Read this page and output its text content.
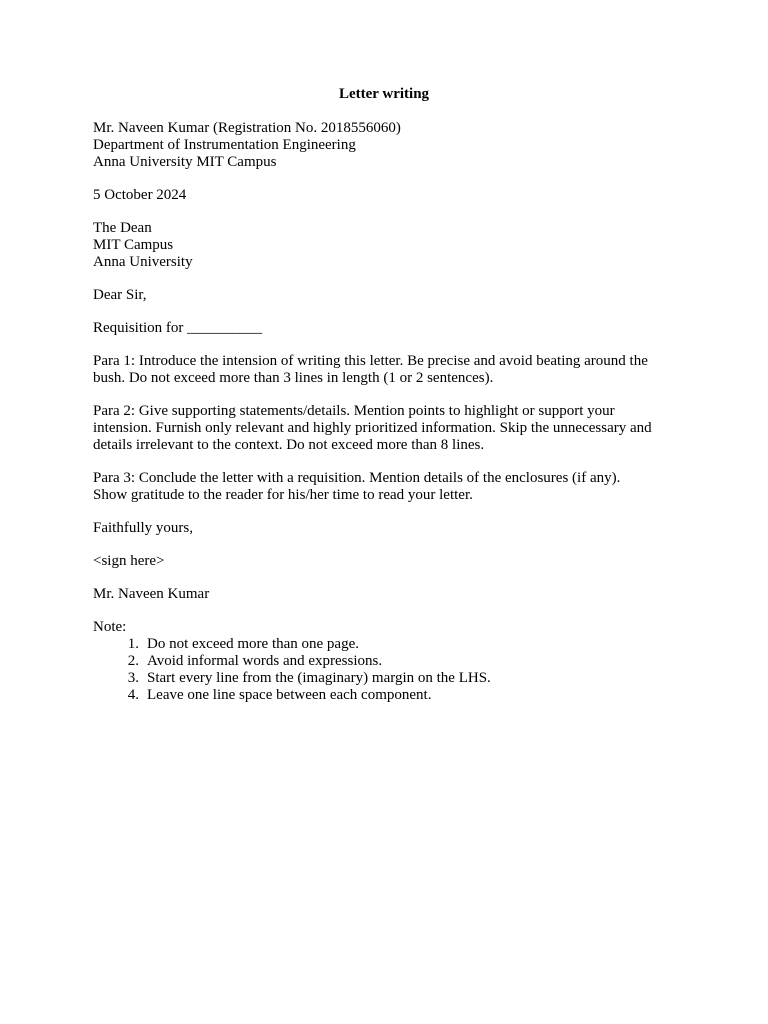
Letter writing
Mr. Naveen Kumar (Registration No. 2018556060)
Department of Instrumentation Engineering
Anna University MIT Campus
5 October 2024
The Dean
MIT Campus
Anna University
Dear Sir,
Requisition for __________
Para 1: Introduce the intension of writing this letter. Be precise and avoid beating around the
bush. Do not exceed more than 3 lines in length (1 or 2 sentences).
Para 2: Give supporting statements/details. Mention points to highlight or support your
intension. Furnish only relevant and highly prioritized information. Skip the unnecessary and
details irrelevant to the context. Do not exceed more than 8 lines.
Para 3: Conclude the letter with a requisition. Mention details of the enclosures (if any).
Show gratitude to the reader for his/her time to read your letter.
Faithfully yours,
<sign here>
Mr. Naveen Kumar
Note:
1. Do not exceed more than one page.
2. Avoid informal words and expressions.
3. Start every line from the (imaginary) margin on the LHS.
4. Leave one line space between each component.
